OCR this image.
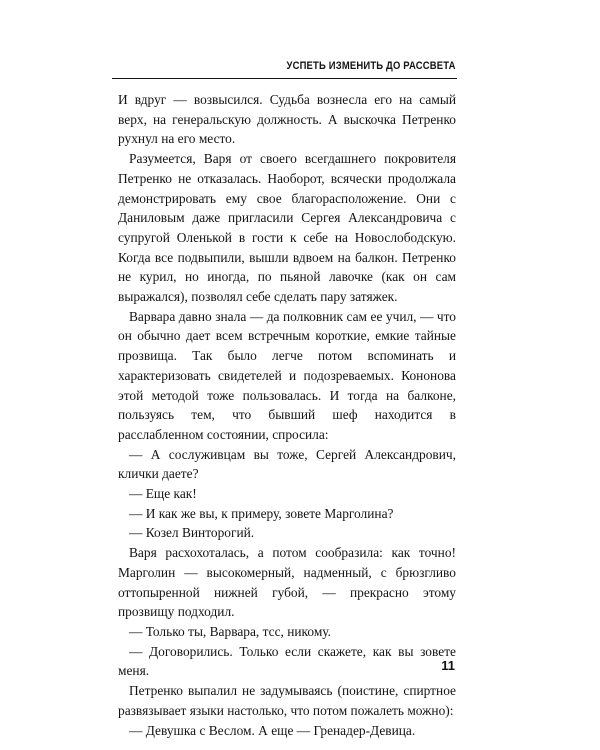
УСПЕТЬ ИЗМЕНИТЬ ДО РАССВЕТА

И вдруг — возвысился. Судьба вознесла его на самый верх, на генеральскую должность. А выскочка Петренко рухнул на его место.

Разумеется, Варя от своего всегдашнего покровителя Петренко не отказалась. Наоборот, всячески продолжала демонстрировать ему свое благорасположение. Они с Даниловым даже пригласили Сергея Александровича с супругой Оленькой в гости к себе на Новослободскую. Когда все подвыпили, вышли вдвоем на балкон. Петренко не курил, но иногда, по пьяной лавочке (как он сам выражался), позволял себе сделать пару затяжек.

Варвара давно знала — да полковник сам ее учил, — что он обычно дает всем встречным короткие, емкие тайные прозвища. Так было легче потом вспоминать и характеризовать свидетелей и подозреваемых. Кононова этой методой тоже пользовалась. И тогда на балконе, пользуясь тем, что бывший шеф находится в расслабленном состоянии, спросила:

— А сослуживцам вы тоже, Сергей Александрович, клички даете?

— Еще как!

— И как же вы, к примеру, зовете Марголина?

— Козел Винторогий.

Варя расхохоталась, а потом сообразила: как точно! Марголин — высокомерный, надменный, с брюзгливо оттопыренной нижней губой, — прекрасно этому прозвищу подходил.

— Только ты, Варвара, тсс, никому.

— Договорились. Только если скажете, как вы зовете меня.

Петренко выпалил не задумываясь (поистине, спиртное развязывает языки настолько, что потом пожалеть можно):

— Девушка с Веслом. А еще — Гренадер-Девица.

11
